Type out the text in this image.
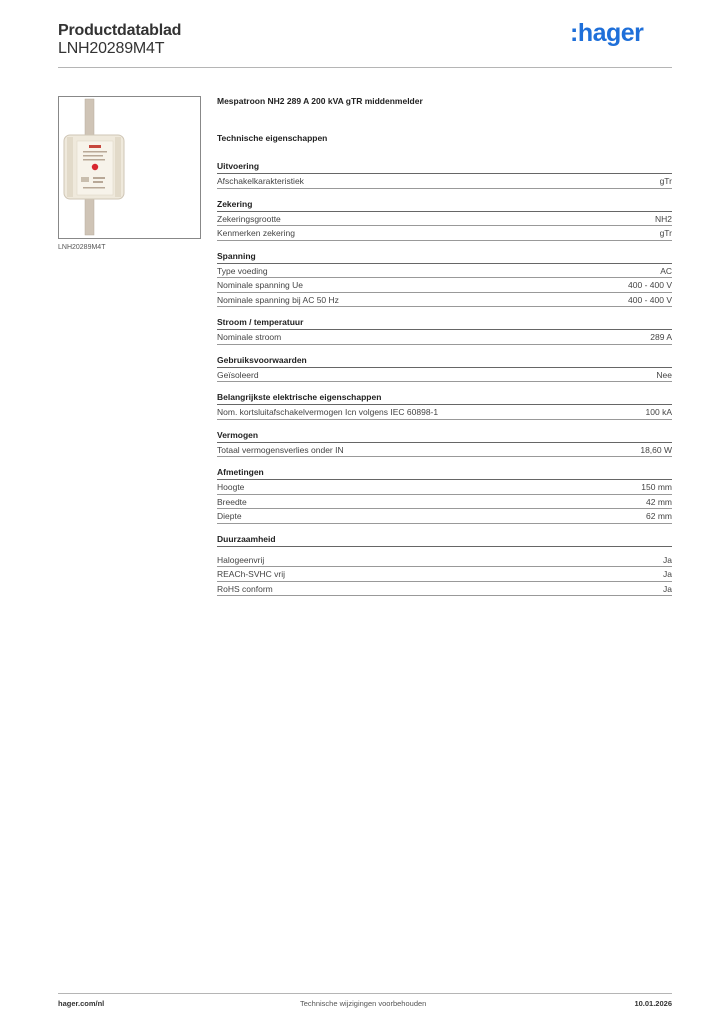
Productdatablad
LNH20289M4T
:hager
LNH20289M4T
Mespatroon NH2 289 A 200 kVA gTR middenmelder
Technische eigenschappen
Uitvoering
Afschakelkarakteristiek	gTr
Zekering
Zekeringsgrootte	NH2
Kenmerken zekering	gTr
Spanning
Type voeding	AC
Nominale spanning Ue	400 - 400 V
Nominale spanning bij AC 50 Hz	400 - 400 V
Stroom / temperatuur
Nominale stroom	289 A
Gebruiksvoorwaarden
Geïsoleerd	Nee
Belangrijkste elektrische eigenschappen
Nom. kortsluitafschakelvermogen Icn volgens IEC 60898-1	100 kA
Vermogen
Totaal vermogensverlies onder IN	18,60 W
Afmetingen
Hoogte	150 mm
Breedte	42 mm
Diepte	62 mm
Duurzaamheid
Halogeenvrij	Ja
REACh-SVHC vrij	Ja
RoHS conform	Ja
hager.com/nl	Technische wijzigingen voorbehouden	10.01.2026
